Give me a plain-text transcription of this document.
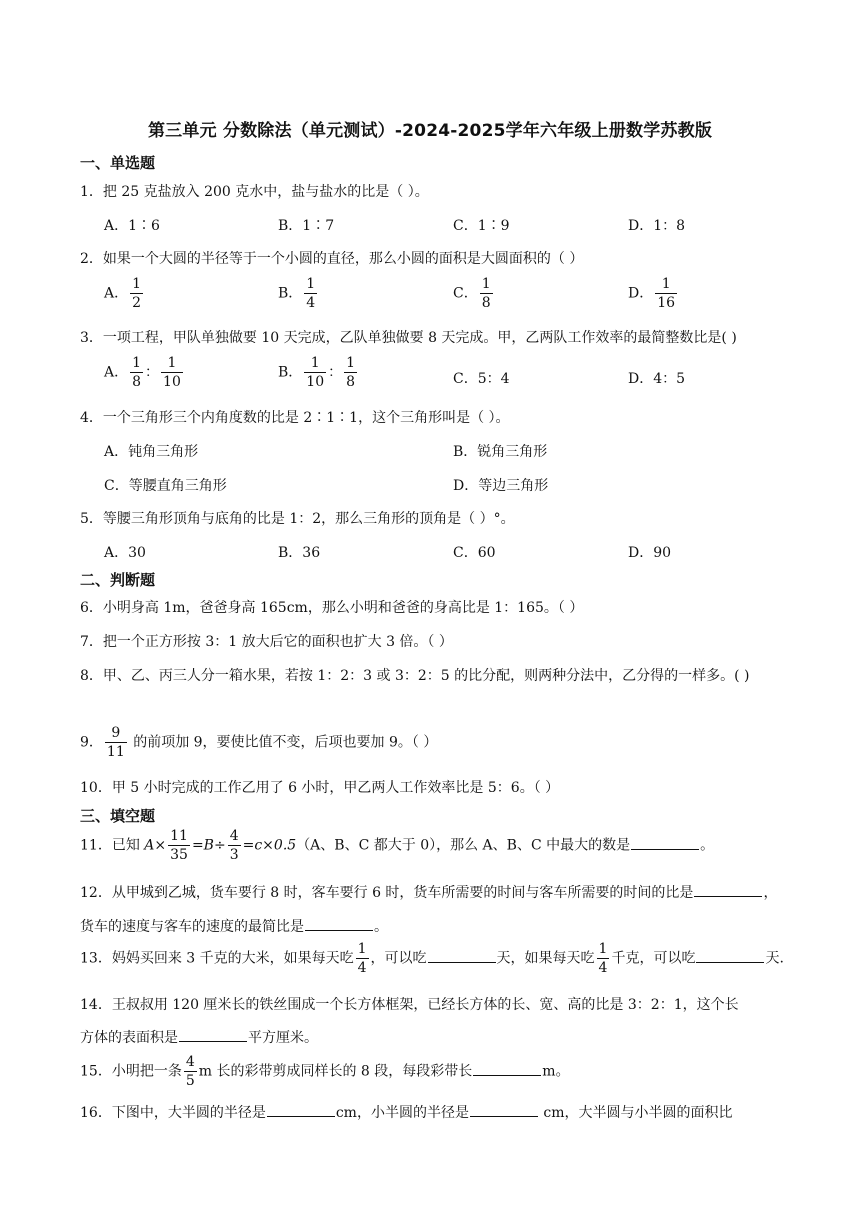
第三单元 分数除法（单元测试）-2024-2025学年六年级上册数学苏教版
一、单选题
1．把 25 克盐放入 200 克水中，盐与盐水的比是（ ）。
A．1∶6	B．1∶7	C．1∶9	D．1：8
2．如果一个大圆的半径等于一个小圆的直径，那么小圆的面积是大圆面积的（ ）
A． $\frac{1}{2}$	B． $\frac{1}{4}$	C． $\frac{1}{8}$	D． $\frac{1}{16}$
3．一项工程，甲队单独做要 10 天完成，乙队单独做要 8 天完成。甲，乙两队工作效率的最简整数比是( )
A． $\frac{1}{8}$ ： $\frac{1}{10}$	B． $\frac{1}{10}$ ： $\frac{1}{8}$	C．5：4	D．4：5
4．一个三角形三个内角度数的比是 2∶1∶1，这个三角形叫是（ ）。
A．钝角三角形	B．锐角三角形
C．等腰直角三角形	D．等边三角形
5．等腰三角形顶角与底角的比是 1：2，那么三角形的顶角是（ ）°。
A．30	B．36	C．60	D．90
二、判断题
6．小明身高 1m，爸爸身高 165cm，那么小明和爸爸的身高比是 1：165。（ ）
7．把一个正方形按 3：1 放大后它的面积也扩大 3 倍。（ ）
8．甲、乙、丙三人分一箱水果，若按 1：2：3 或 3：2：5 的比分配，则两种分法中，乙分得的一样多。( )
9． $\frac{9}{11}$ 的前项加 9，要使比值不变，后项也要加 9。（ ）
10．甲 5 小时完成的工作乙用了 6 小时，甲乙两人工作效率比是 5：6。（ ）
三、填空题
11．已知 $A\times \frac{11}{35} =B\div \frac{4}{3} =c\times 0.5(A$、B、C 都大于 0），那么 A、B、C 中最大的数是	。
12．从甲城到乙城，货车要行 8 时，客车要行 6 时，货车所需要的时间与客车所需要的时间的比是	，
货车的速度与客车的速度的最简比是	。
13．妈妈买回来 3 千克的大米，如果每天吃 $\frac{1}{4}$ ，可以吃	天，如果每天吃 $\frac{1}{4}$ 千克，可以吃	天.
14．王叔叔用 120 厘米长的铁丝围成一个长方体框架，已经长方体的长、宽、高的比是 3：2：1，这个长
方体的表面积是	平方厘米。
15．小明把一条 $\frac{4}{5}$ m 长的彩带剪成同样长的 8 段，每段彩带长	m。
16．下图中，大半圆的半径是	cm，小半圆的半径是	cm，大半圆与小半圆的面积比
